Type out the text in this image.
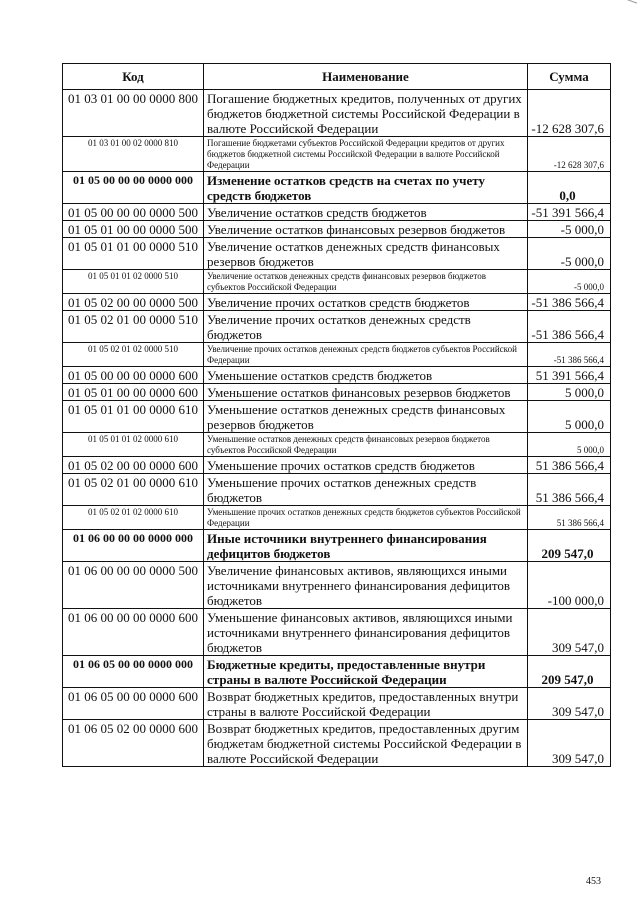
Код	Наименование	Сумма
01 03 01 00 00 0000 800	Погашение бюджетных кредитов, полученных от других бюджетов бюджетной системы Российской Федерации в валюте Российской Федерации	-12 628 307,6
01 03 01 00 02 0000 810	Погашение бюджетами субъектов Российской Федерации кредитов от других бюджетов бюджетной системы Российской Федерации в валюте Российской Федерации	-12 628 307,6
01 05 00 00 00 0000 000	Изменение остатков средств на счетах по учету средств бюджетов	0,0
01 05 00 00 00 0000 500	Увеличение остатков средств бюджетов	-51 391 566,4
01 05 01 00 00 0000 500	Увеличение остатков финансовых резервов бюджетов	-5 000,0
01 05 01 01 00 0000 510	Увеличение остатков денежных средств финансовых резервов бюджетов	-5 000,0
01 05 01 01 02 0000 510	Увеличение остатков денежных средств финансовых резервов бюджетов субъектов Российской Федерации	-5 000,0
01 05 02 00 00 0000 500	Увеличение прочих остатков средств бюджетов	-51 386 566,4
01 05 02 01 00 0000 510	Увеличение прочих остатков денежных средств бюджетов	-51 386 566,4
01 05 02 01 02 0000 510	Увеличение прочих остатков денежных средств бюджетов субъектов Российской Федерации	-51 386 566,4
01 05 00 00 00 0000 600	Уменьшение остатков средств бюджетов	51 391 566,4
01 05 01 00 00 0000 600	Уменьшение остатков финансовых резервов бюджетов	5 000,0
01 05 01 01 00 0000 610	Уменьшение остатков денежных средств финансовых резервов бюджетов	5 000,0
01 05 01 01 02 0000 610	Уменьшение остатков денежных средств финансовых резервов бюджетов субъектов Российской Федерации	5 000,0
01 05 02 00 00 0000 600	Уменьшение прочих остатков средств бюджетов	51 386 566,4
01 05 02 01 00 0000 610	Уменьшение прочих остатков денежных средств бюджетов	51 386 566,4
01 05 02 01 02 0000 610	Уменьшение прочих остатков денежных средств бюджетов субъектов Российской Федерации	51 386 566,4
01 06 00 00 00 0000 000	Иные источники внутреннего финансирования дефицитов бюджетов	209 547,0
01 06 00 00 00 0000 500	Увеличение финансовых активов, являющихся иными источниками внутреннего финансирования дефицитов бюджетов	-100 000,0
01 06 00 00 00 0000 600	Уменьшение финансовых активов, являющихся иными источниками внутреннего финансирования дефицитов бюджетов	309 547,0
01 06 05 00 00 0000 000	Бюджетные кредиты, предоставленные внутри страны в валюте Российской Федерации	209 547,0
01 06 05 00 00 0000 600	Возврат бюджетных кредитов, предоставленных внутри страны в валюте Российской Федерации	309 547,0
01 06 05 02 00 0000 600	Возврат бюджетных кредитов, предоставленных другим бюджетам бюджетной системы Российской Федерации в валюте Российской Федерации	309 547,0
453
